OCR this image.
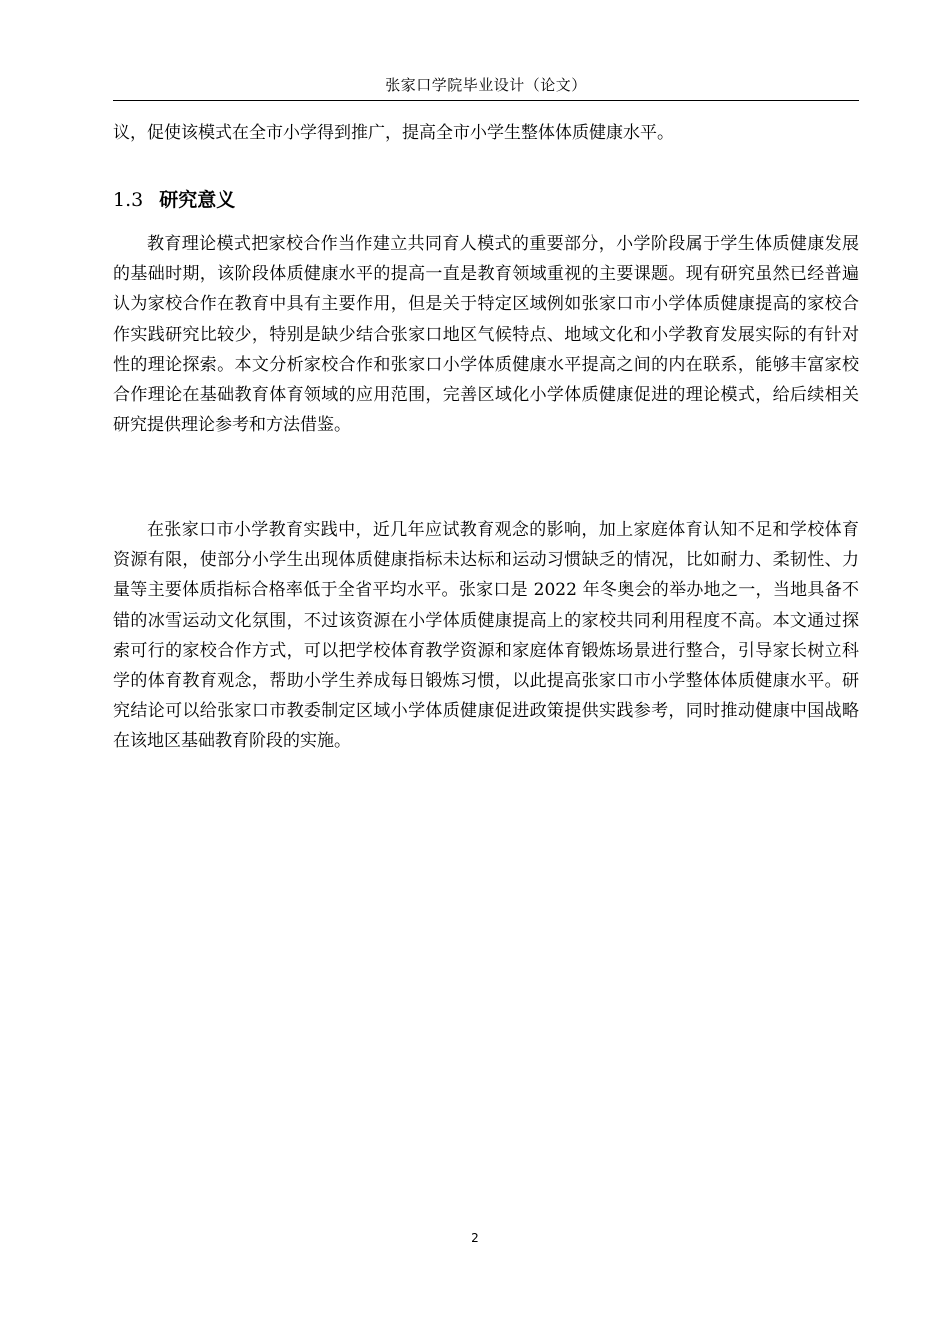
张家口学院毕业设计（论文）

议，促使该模式在全市小学得到推广，提高全市小学生整体体质健康水平。

1.3 研究意义

教育理论模式把家校合作当作建立共同育人模式的重要部分，小学阶段属于学生体质健康发展的基础时期，该阶段体质健康水平的提高一直是教育领域重视的主要课题。现有研究虽然已经普遍认为家校合作在教育中具有主要作用，但是关于特定区域例如张家口市小学体质健康提高的家校合作实践研究比较少，特别是缺少结合张家口地区气候特点、地域文化和小学教育发展实际的有针对性的理论探索。本文分析家校合作和张家口小学体质健康水平提高之间的内在联系，能够丰富家校合作理论在基础教育体育领域的应用范围，完善区域化小学体质健康促进的理论模式，给后续相关研究提供理论参考和方法借鉴。

在张家口市小学教育实践中，近几年应试教育观念的影响，加上家庭体育认知不足和学校体育资源有限，使部分小学生出现体质健康指标未达标和运动习惯缺乏的情况，比如耐力、柔韧性、力量等主要体质指标合格率低于全省平均水平。张家口是 2022 年冬奥会的举办地之一，当地具备不错的冰雪运动文化氛围，不过该资源在小学体质健康提高上的家校共同利用程度不高。本文通过探索可行的家校合作方式，可以把学校体育教学资源和家庭体育锻炼场景进行整合，引导家长树立科学的体育教育观念，帮助小学生养成每日锻炼习惯，以此提高张家口市小学整体体质健康水平。研究结论可以给张家口市教委制定区域小学体质健康促进政策提供实践参考，同时推动健康中国战略在该地区基础教育阶段的实施。

2
